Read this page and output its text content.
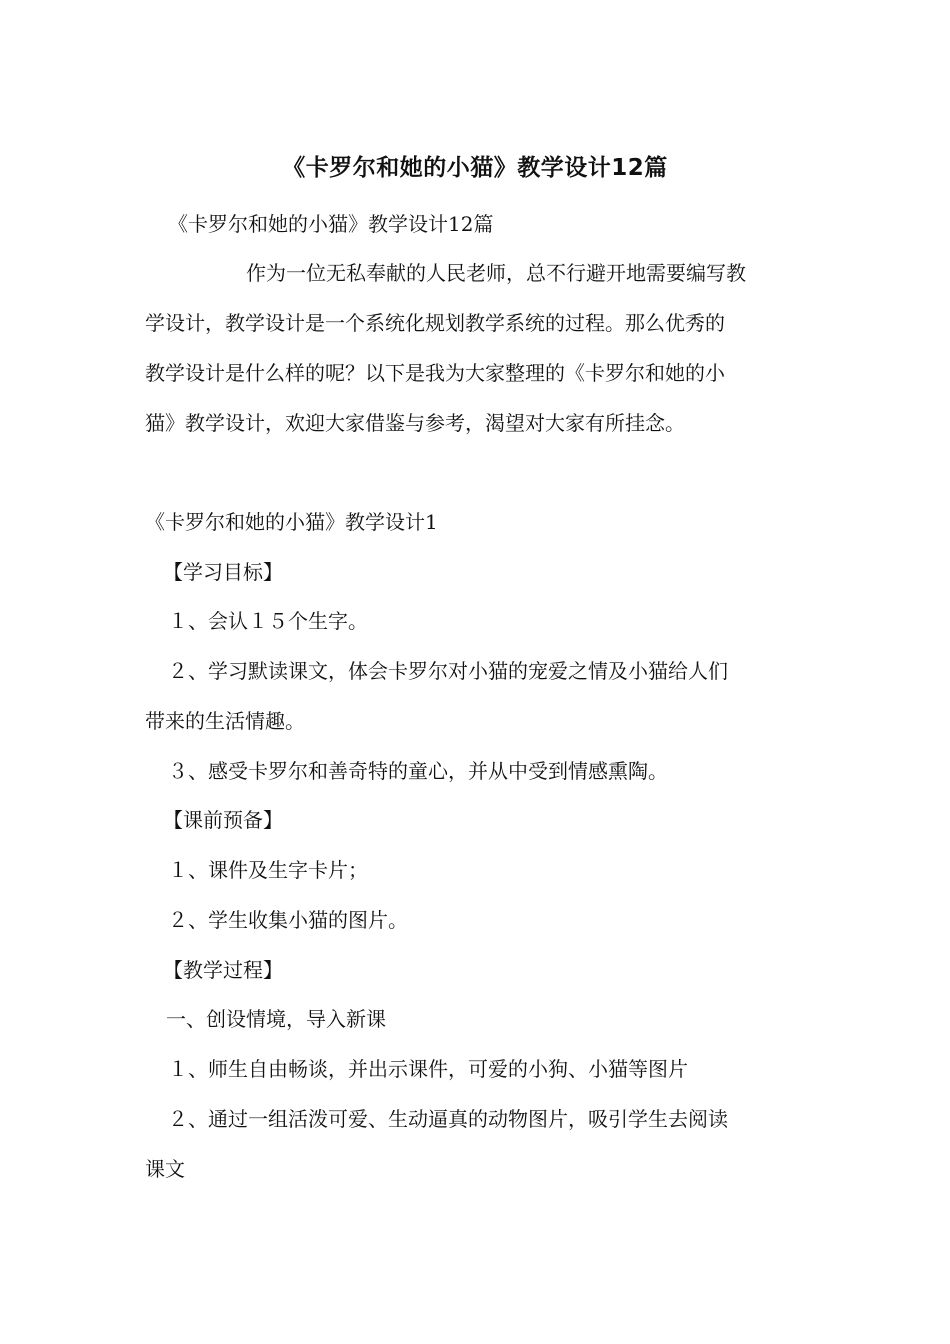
《卡罗尔和她的小猫》教学设计12篇
《卡罗尔和她的小猫》教学设计12篇
作为一位无私奉献的人民老师，总不行避开地需要编写教
学设计，教学设计是一个系统化规划教学系统的过程。那么优秀的
教学设计是什么样的呢？以下是我为大家整理的《卡罗尔和她的小
猫》教学设计，欢迎大家借鉴与参考，渴望对大家有所挂念。
《卡罗尔和她的小猫》教学设计1
【学习目标】
１、会认１５个生字。
２、学习默读课文，体会卡罗尔对小猫的宠爱之情及小猫给人们
带来的生活情趣。
３、感受卡罗尔和善奇特的童心，并从中受到情感熏陶。
【课前预备】
１、课件及生字卡片；
２、学生收集小猫的图片。
【教学过程】
一、创设情境，导入新课
１、师生自由畅谈，并出示课件，可爱的小狗、小猫等图片
２、通过一组活泼可爱、生动逼真的动物图片，吸引学生去阅读
课文
